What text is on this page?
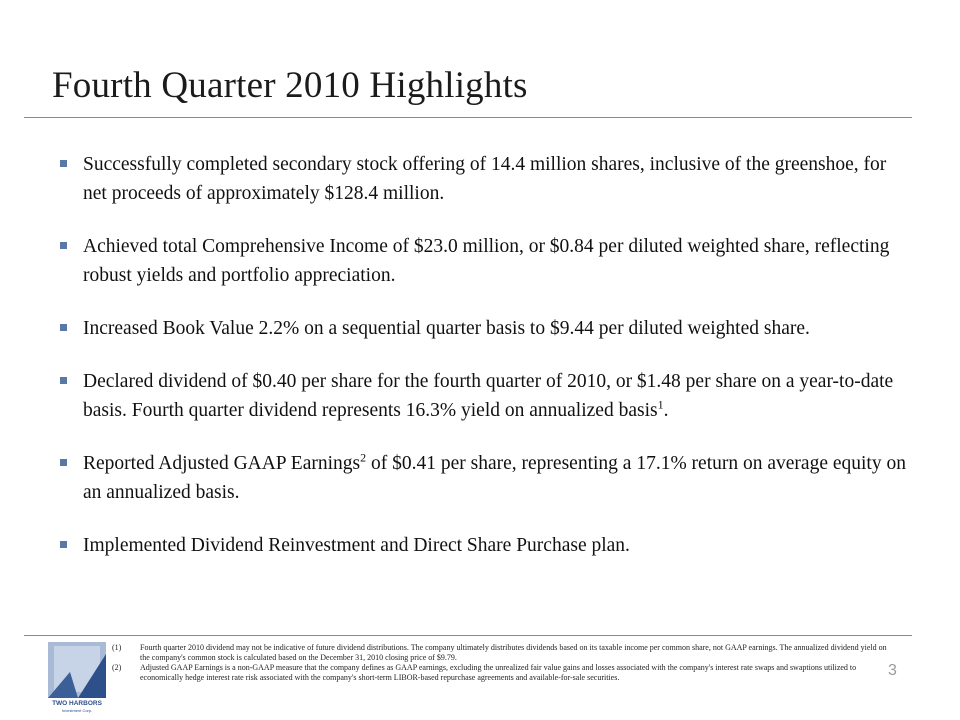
Fourth Quarter 2010 Highlights
Successfully completed secondary stock offering of 14.4 million shares, inclusive of the greenshoe, for net proceeds of approximately $128.4 million.
Achieved total Comprehensive Income of $23.0 million, or $0.84 per diluted weighted share, reflecting robust yields and portfolio appreciation.
Increased Book Value 2.2% on a sequential quarter basis to $9.44 per diluted weighted share.
Declared dividend of $0.40 per share for the fourth quarter of 2010, or $1.48 per share on a year-to-date basis. Fourth quarter dividend represents 16.3% yield on annualized basis$^1$.
Reported Adjusted GAAP Earnings$^2$ of $0.41 per share, representing a 17.1% return on average equity on an annualized basis.
Implemented Dividend Reinvestment and Direct Share Purchase plan.
TWO HARBORS
Investment Corp.
(1) Fourth quarter 2010 dividend may not be indicative of future dividend distributions. The company ultimately distributes dividends based on its taxable income per common share, not GAAP earnings. The annualized dividend yield on the company's common stock is calculated based on the December 31, 2010 closing price of $9.79.
(2) Adjusted GAAP Earnings is a non-GAAP measure that the company defines as GAAP earnings, excluding the unrealized fair value gains and losses associated with the company's interest rate swaps and swaptions utilized to economically hedge interest rate risk associated with the company's short-term LIBOR-based repurchase agreements and available-for-sale securities.	3
